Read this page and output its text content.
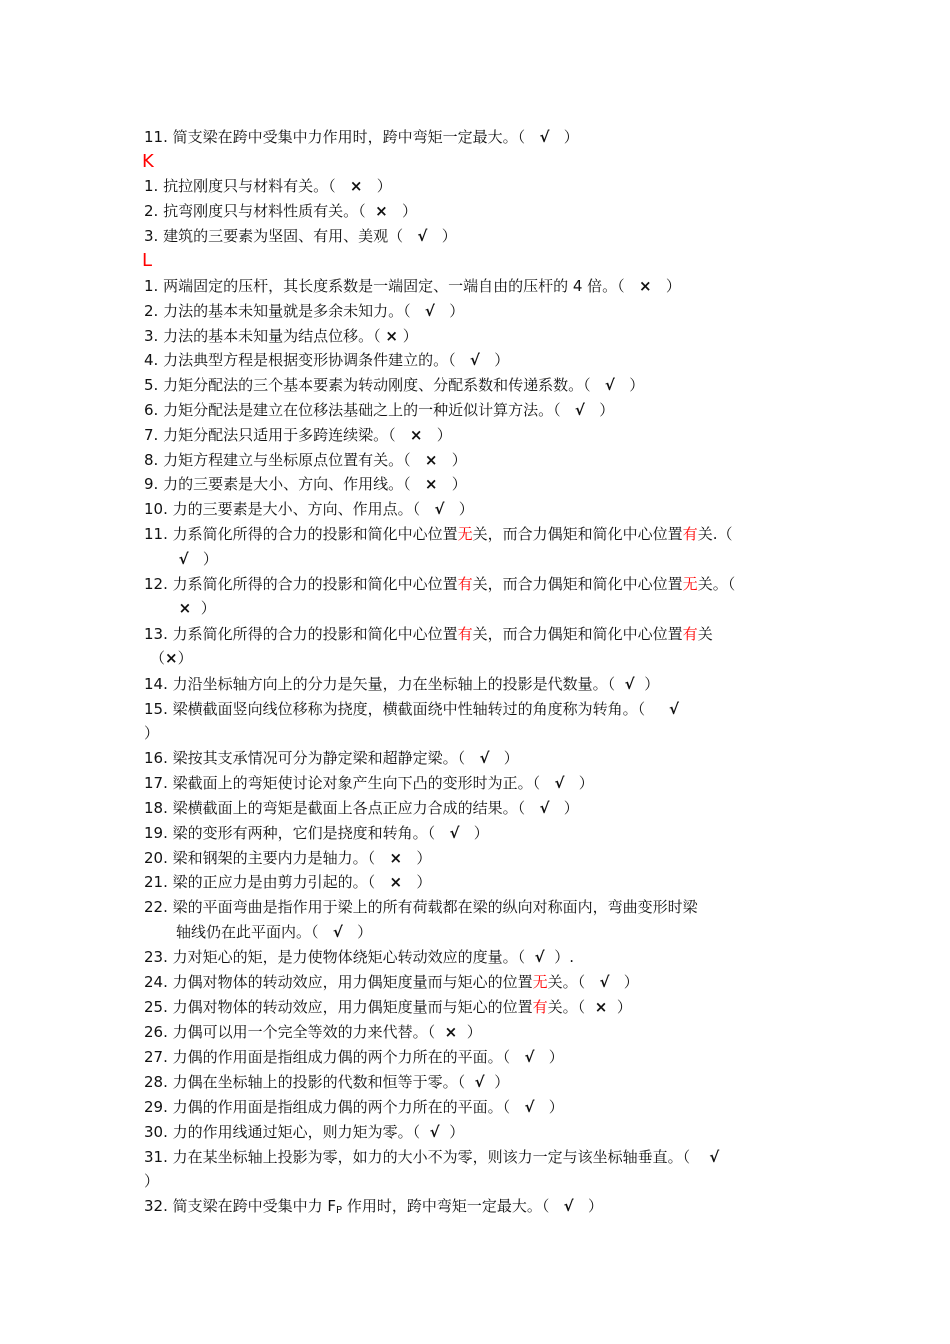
11. 简支梁在跨中受集中力作用时，跨中弯矩一定最大。（   √   ）
K
1. 抗拉刚度只与材料有关。（   ×   ）
2. 抗弯刚度只与材料性质有关。（  ×   ）
3. 建筑的三要素为坚固、有用、美观（   √   ）
L
1. 两端固定的压杆，其长度系数是一端固定、一端自由的压杆的 4 倍。（   ×   ）
2. 力法的基本未知量就是多余未知力。（   √   ）
3. 力法的基本未知量为结点位移。（ × ）
4. 力法典型方程是根据变形协调条件建立的。（   √   ）
5. 力矩分配法的三个基本要素为转动刚度、分配系数和传递系数。（   √   ）
6. 力矩分配法是建立在位移法基础之上的一种近似计算方法。（   √   ）
7. 力矩分配法只适用于多跨连续梁。（   ×   ）
8. 力矩方程建立与坐标原点位置有关。（   ×   ）
9. 力的三要素是大小、方向、作用线。（   ×   ）
10. 力的三要素是大小、方向、作用点。（   √   ）
11. 力系简化所得的合力的投影和简化中心位置无关，而合力偶矩和简化中心位置有关.（
√   ）
12. 力系简化所得的合力的投影和简化中心位置有关，而合力偶矩和简化中心位置无关。（
×  ）
13. 力系简化所得的合力的投影和简化中心位置有关，而合力偶矩和简化中心位置有关
（×）
14. 力沿坐标轴方向上的分力是矢量，力在坐标轴上的投影是代数量。（  √  ）
15. 梁横截面竖向线位移称为挠度，横截面绕中性轴转过的角度称为转角。（     √
）
16. 梁按其支承情况可分为静定梁和超静定梁。（   √   ）
17. 梁截面上的弯矩使讨论对象产生向下凸的变形时为正。（   √   ）
18. 梁横截面上的弯矩是截面上各点正应力合成的结果。（   √   ）
19. 梁的变形有两种，它们是挠度和转角。（   √   ）
20. 梁和钢架的主要内力是轴力。（   ×   ）
21. 梁的正应力是由剪力引起的。（   ×   ）
22. 梁的平面弯曲是指作用于梁上的所有荷载都在梁的纵向对称面内，弯曲变形时梁
轴线仍在此平面内。（   √   ）
23. 力对矩心的矩，是力使物体绕矩心转动效应的度量。（  √  ）.
24. 力偶对物体的转动效应，用力偶矩度量而与矩心的位置无关。（   √   ）
25. 力偶对物体的转动效应，用力偶矩度量而与矩心的位置有关。（  ×  ）
26. 力偶可以用一个完全等效的力来代替。（  ×  ）
27. 力偶的作用面是指组成力偶的两个力所在的平面。（   √   ）
28. 力偶在坐标轴上的投影的代数和恒等于零。（  √  ）
29. 力偶的作用面是指组成力偶的两个力所在的平面。（   √   ）
30. 力的作用线通过矩心，则力矩为零。（  √  ）
31. 力在某坐标轴上投影为零，如力的大小不为零，则该力一定与该坐标轴垂直。（    √
）
32. 简支梁在跨中受集中力 $F_P$ 作用时，跨中弯矩一定最大。（   √   ）
